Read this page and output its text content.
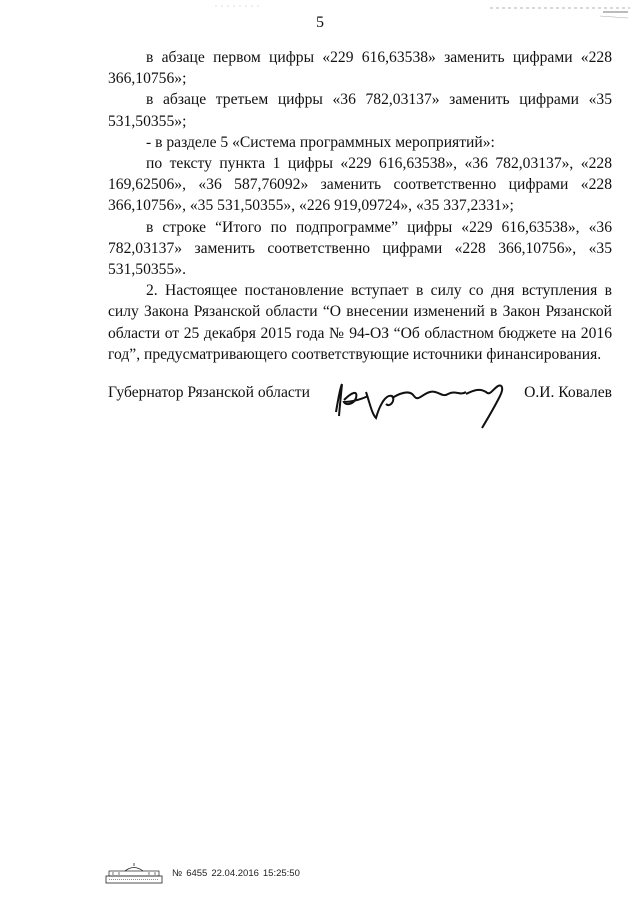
5

в абзаце первом цифры «229 616,63538» заменить цифрами «228 366,10756»;

в абзаце третьем цифры «36 782,03137» заменить цифрами «35 531,50355»;

- в разделе 5 «Система программных мероприятий»:

по тексту пункта 1 цифры «229 616,63538», «36 782,03137», «228 169,62506», «36 587,76092» заменить соответственно цифрами «228 366,10756», «35 531,50355», «226 919,09724», «35 337,2331»;

в строке “Итого по подпрограмме” цифры «229 616,63538», «36 782,03137» заменить соответственно цифрами «228 366,10756», «35 531,50355».

2. Настоящее постановление вступает в силу со дня вступления в силу Закона Рязанской области “О внесении изменений в Закон Рязанской области от 25 декабря 2015 года № 94-ОЗ “Об областном бюджете на 2016 год”, предусматривающего соответствующие источники финансирования.

Губернатор Рязанской области	О.И. Ковалев
№ 6455 22.04.2016 15:25:50
